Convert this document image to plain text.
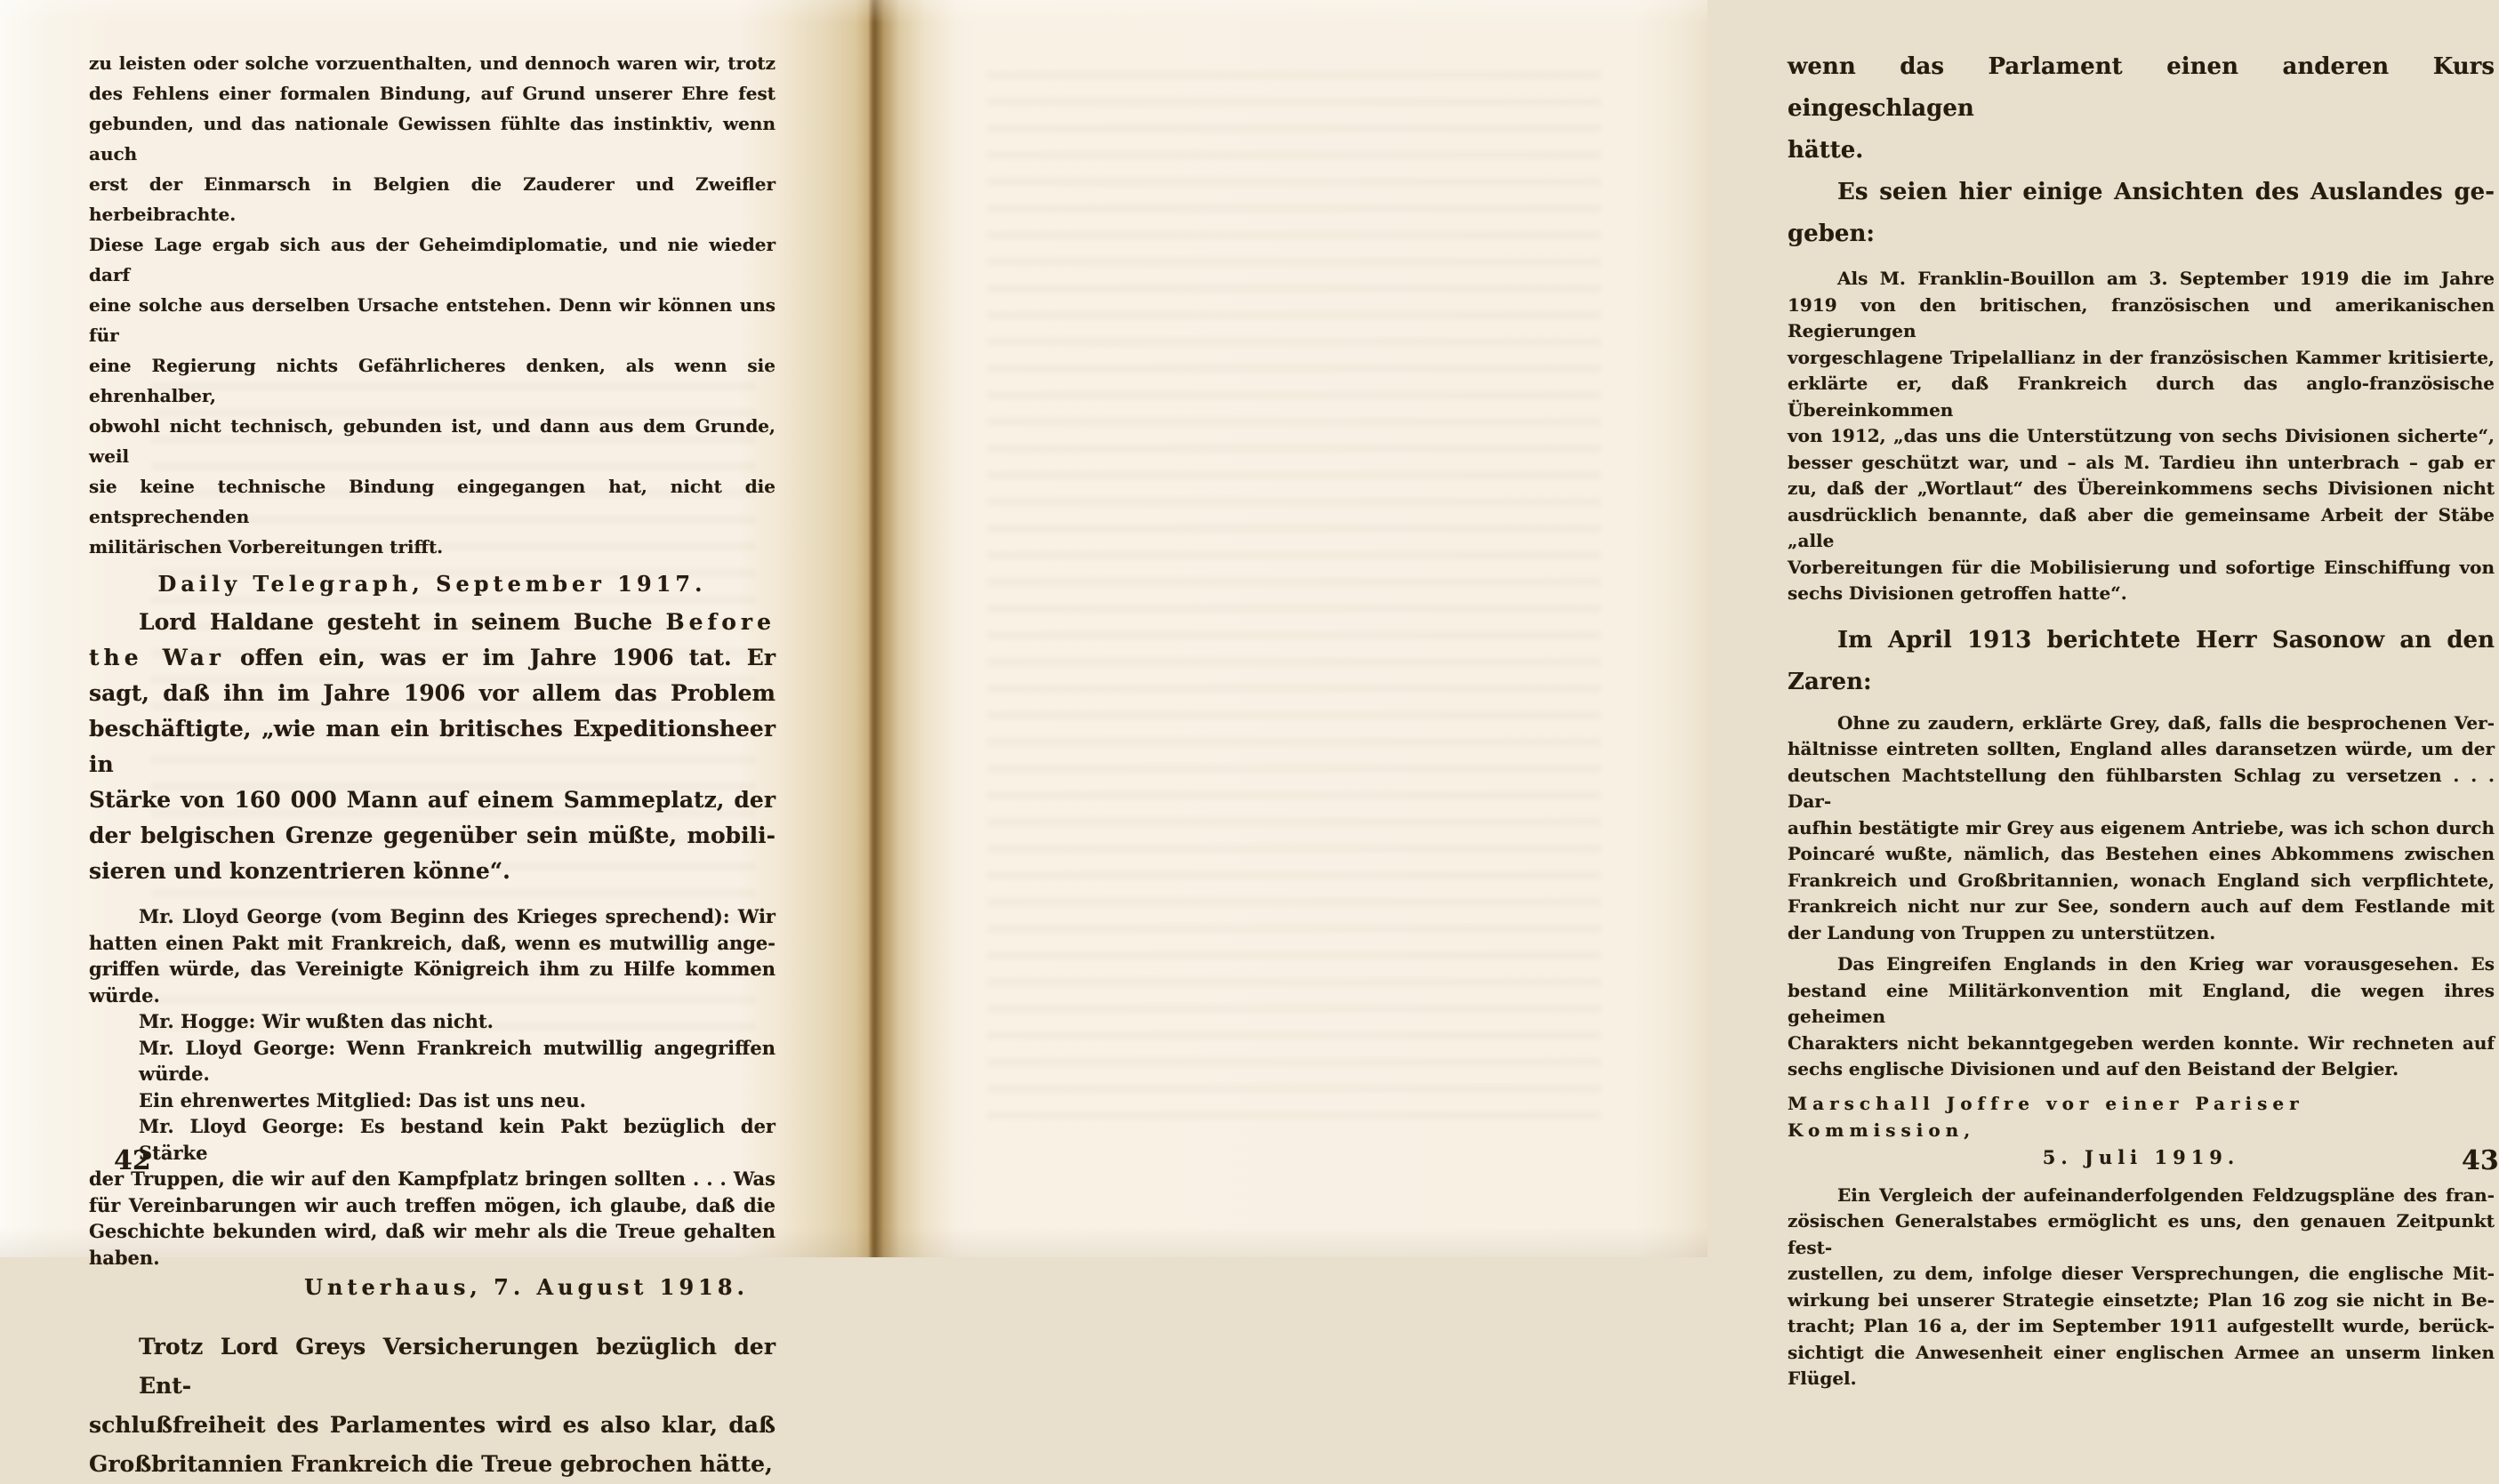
zu leisten oder solche vorzuenthalten, und dennoch waren wir, trotz
des Fehlens einer formalen Bindung, auf Grund unserer Ehre fest
gebunden, und das nationale Gewissen fühlte das instinktiv, wenn auch
erst der Einmarsch in Belgien die Zauderer und Zweifler herbeibrachte.
Diese Lage ergab sich aus der Geheimdiplomatie, und nie wieder darf
eine solche aus derselben Ursache entstehen. Denn wir können uns für
eine Regierung nichts Gefährlicheres denken, als wenn sie ehrenhalber,
obwohl nicht technisch, gebunden ist, und dann aus dem Grunde, weil
sie keine technische Bindung eingegangen hat, nicht die entsprechenden
militärischen Vorbereitungen trifft.
Daily Telegraph, September 1917.
Lord Haldane gesteht in seinem Buche Before
the War offen ein, was er im Jahre 1906 tat. Er
sagt, daß ihn im Jahre 1906 vor allem das Problem
beschäftigte, „wie man ein britisches Expeditionsheer in
Stärke von 160 000 Mann auf einem Sammeplatz, der
der belgischen Grenze gegenüber sein müßte, mobili-
sieren und konzentrieren könne“.
Mr. Lloyd George (vom Beginn des Krieges sprechend): Wir
hatten einen Pakt mit Frankreich, daß, wenn es mutwillig ange-
griffen würde, das Vereinigte Königreich ihm zu Hilfe kommen
würde.
Mr. Hogge: Wir wußten das nicht.
Mr. Lloyd George: Wenn Frankreich mutwillig angegriffen würde.
Ein ehrenwertes Mitglied: Das ist uns neu.
Mr. Lloyd George: Es bestand kein Pakt bezüglich der Stärke
der Truppen, die wir auf den Kampfplatz bringen sollten . . . Was
für Vereinbarungen wir auch treffen mögen, ich glaube, daß die
Geschichte bekunden wird, daß wir mehr als die Treue gehalten
haben.
Unterhaus, 7. August 1918.
Trotz Lord Greys Versicherungen bezüglich der Ent-
schlußfreiheit des Parlamentes wird es also klar, daß
Großbritannien Frankreich die Treue gebrochen hätte,
42
wenn das Parlament einen anderen Kurs eingeschlagen
hätte.
Es seien hier einige Ansichten des Auslandes ge-
geben:
Als M. Franklin-Bouillon am 3. September 1919 die im Jahre
1919 von den britischen, französischen und amerikanischen Regierungen
vorgeschlagene Tripelallianz in der französischen Kammer kritisierte,
erklärte er, daß Frankreich durch das anglo-französische Übereinkommen
von 1912, „das uns die Unterstützung von sechs Divisionen sicherte“,
besser geschützt war, und – als M. Tardieu ihn unterbrach – gab er
zu, daß der „Wortlaut“ des Übereinkommens sechs Divisionen nicht
ausdrücklich benannte, daß aber die gemeinsame Arbeit der Stäbe „alle
Vorbereitungen für die Mobilisierung und sofortige Einschiffung von
sechs Divisionen getroffen hatte“.
Im April 1913 berichtete Herr Sasonow an den
Zaren:
Ohne zu zaudern, erklärte Grey, daß, falls die besprochenen Ver-
hältnisse eintreten sollten, England alles daransetzen würde, um der
deutschen Machtstellung den fühlbarsten Schlag zu versetzen . . . Dar-
aufhin bestätigte mir Grey aus eigenem Antriebe, was ich schon durch
Poincaré wußte, nämlich, das Bestehen eines Abkommens zwischen
Frankreich und Großbritannien, wonach England sich verpflichtete,
Frankreich nicht nur zur See, sondern auch auf dem Festlande mit
der Landung von Truppen zu unterstützen.
Das Eingreifen Englands in den Krieg war vorausgesehen. Es
bestand eine Militärkonvention mit England, die wegen ihres geheimen
Charakters nicht bekanntgegeben werden konnte. Wir rechneten auf
sechs englische Divisionen und auf den Beistand der Belgier.
Marschall Joffre vor einer Pariser Kommission,
5. Juli 1919.
Ein Vergleich der aufeinanderfolgenden Feldzugspläne des fran-
zösischen Generalstabes ermöglicht es uns, den genauen Zeitpunkt fest-
zustellen, zu dem, infolge dieser Versprechungen, die englische Mit-
wirkung bei unserer Strategie einsetzte; Plan 16 zog sie nicht in Be-
tracht; Plan 16 a, der im September 1911 aufgestellt wurde, berück-
sichtigt die Anwesenheit einer englischen Armee an unserm linken Flügel.
43
